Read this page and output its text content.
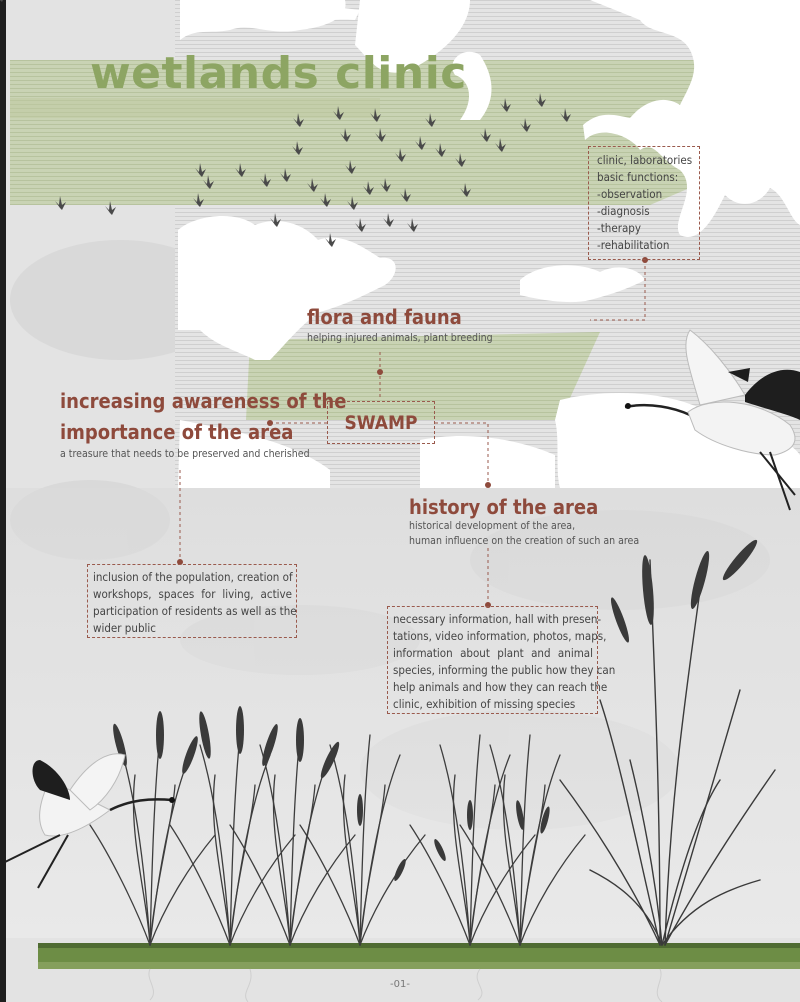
wetlands clinic
clinic, laboratories
basic functions:
-observation
-diagnosis
-therapy
-rehabilitation
flora and fauna
helping injured animals, plant breeding
SWAMP
increasing awareness of the
importance of the area
a treasure that needs to be preserved and cherished
history of the area
historical development of the area,
human influence on the creation of such an area
inclusion of the population, creation of
workshops, spaces for living, active
participation of residents as well as the
wider public
necessary information, hall with presen-
tations, video information, photos, maps,
information about plant and animal
species, informing the public how they can
help animals and how they can reach the
clinic, exhibition of missing species
-01-
